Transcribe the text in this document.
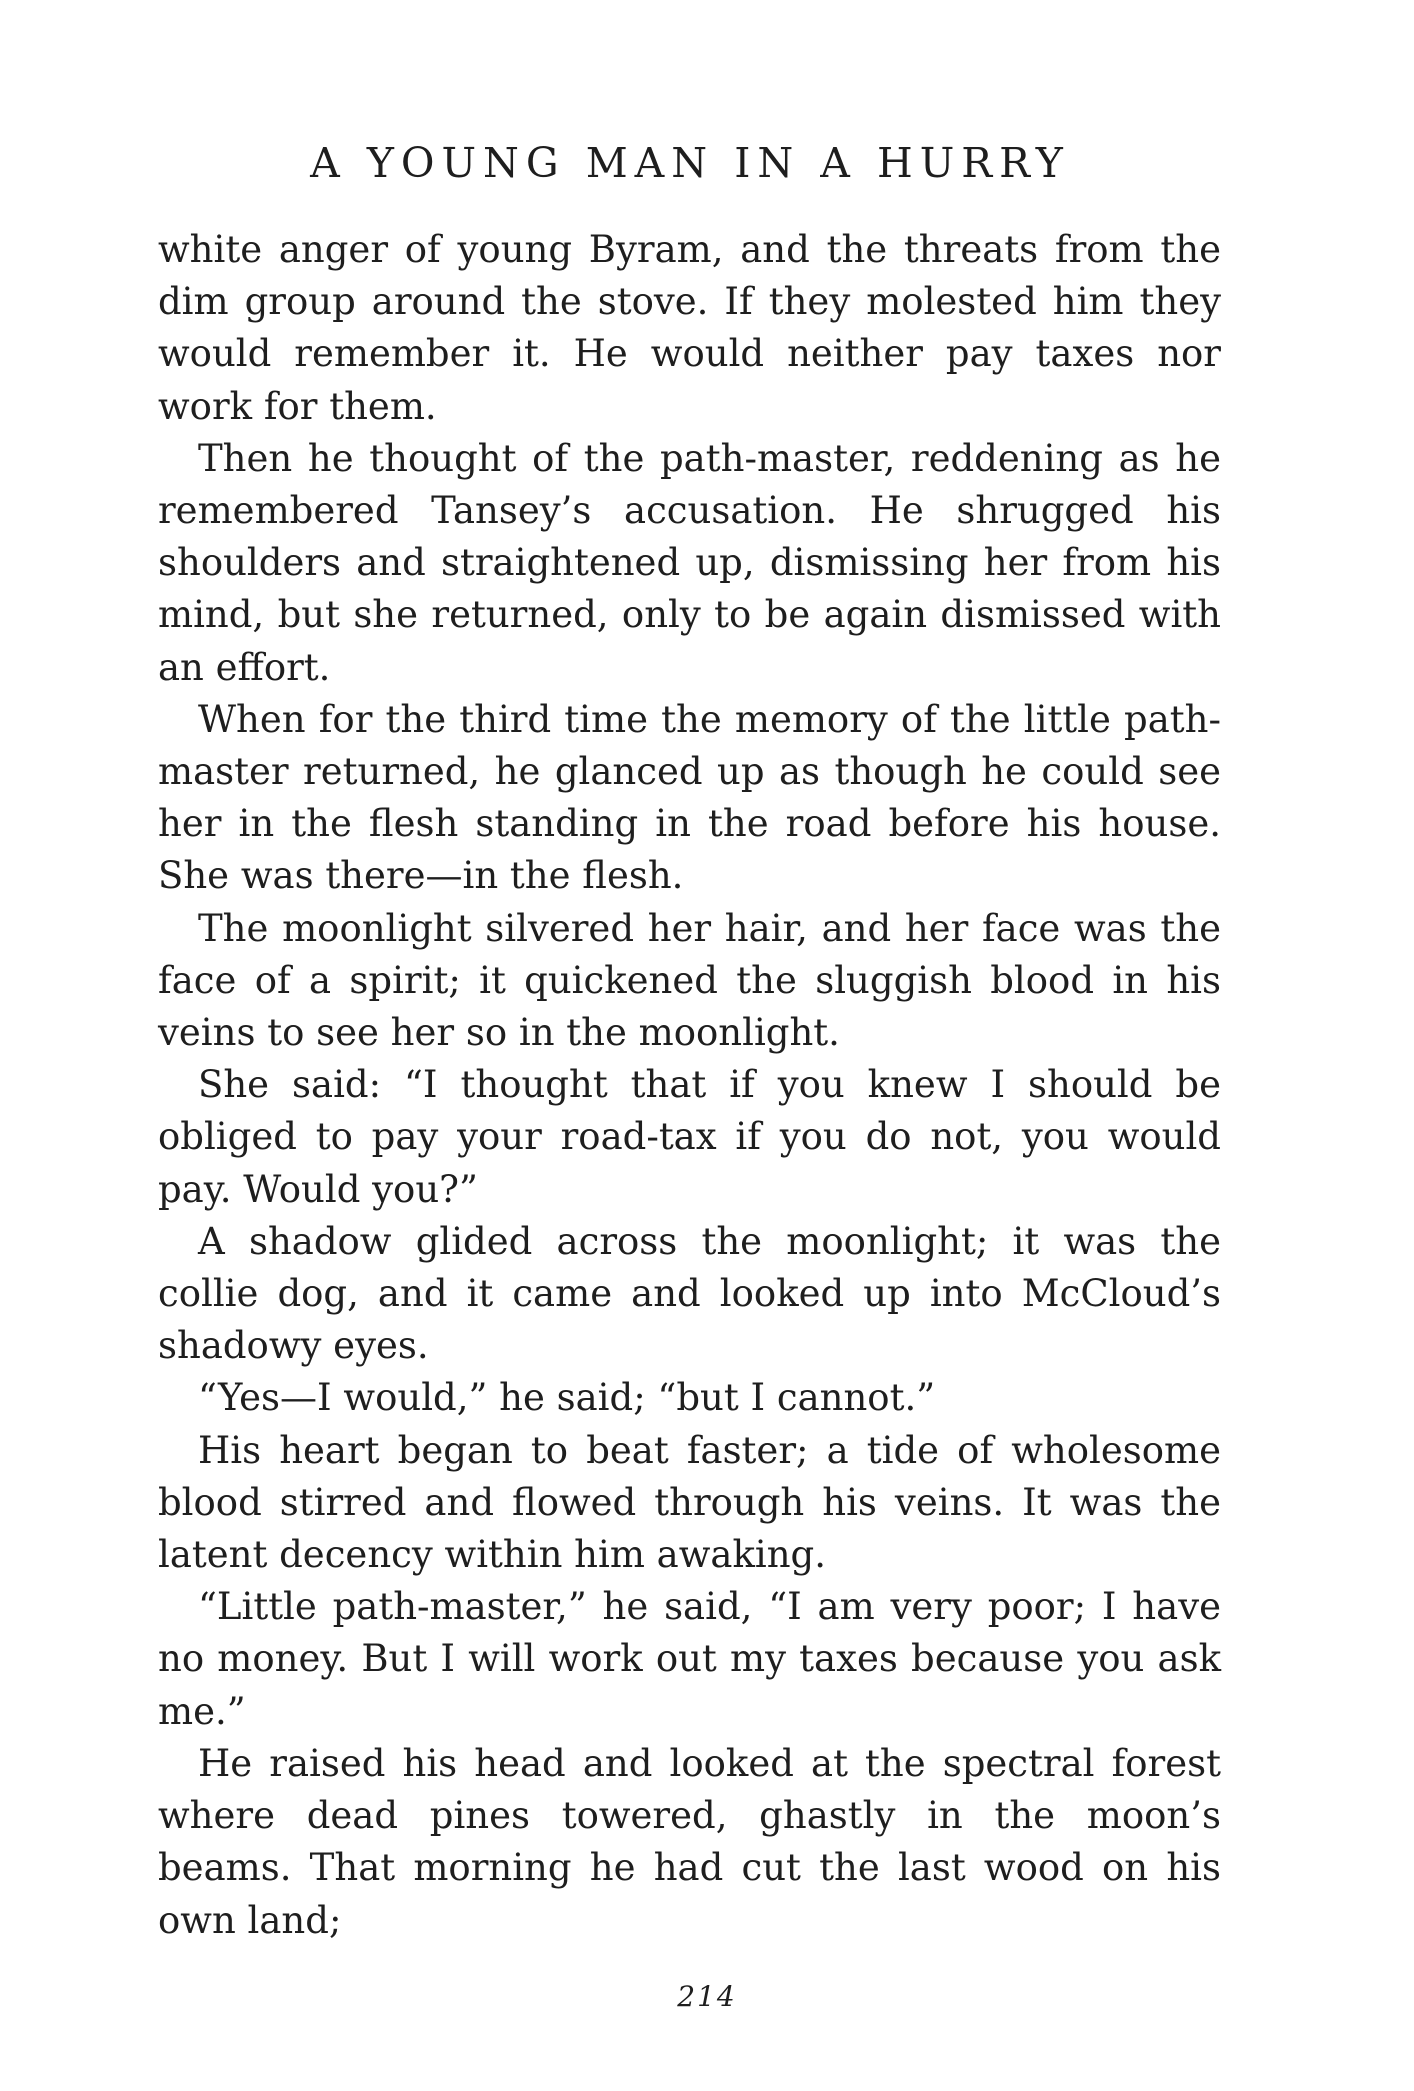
A YOUNG MAN IN A HURRY

white anger of young Byram, and the threats from the dim group around the stove. If they molested him they would remember it. He would neither pay taxes nor work for them.

Then he thought of the path-master, reddening as he remembered Tansey’s accusation. He shrugged his shoulders and straightened up, dismissing her from his mind, but she returned, only to be again dismissed with an effort.

When for the third time the memory of the little path-master returned, he glanced up as though he could see her in the flesh standing in the road before his house. She was there—in the flesh.

The moonlight silvered her hair, and her face was the face of a spirit; it quickened the sluggish blood in his veins to see her so in the moonlight.

She said: “I thought that if you knew I should be obliged to pay your road-tax if you do not, you would pay. Would you?”

A shadow glided across the moonlight; it was the collie dog, and it came and looked up into McCloud’s shadowy eyes.

“Yes—I would,” he said; “but I cannot.”

His heart began to beat faster; a tide of wholesome blood stirred and flowed through his veins. It was the latent decency within him awaking.

“Little path-master,” he said, “I am very poor; I have no money. But I will work out my taxes because you ask me.”

He raised his head and looked at the spectral forest where dead pines towered, ghastly in the moon’s beams. That morning he had cut the last wood on his own land;

214
